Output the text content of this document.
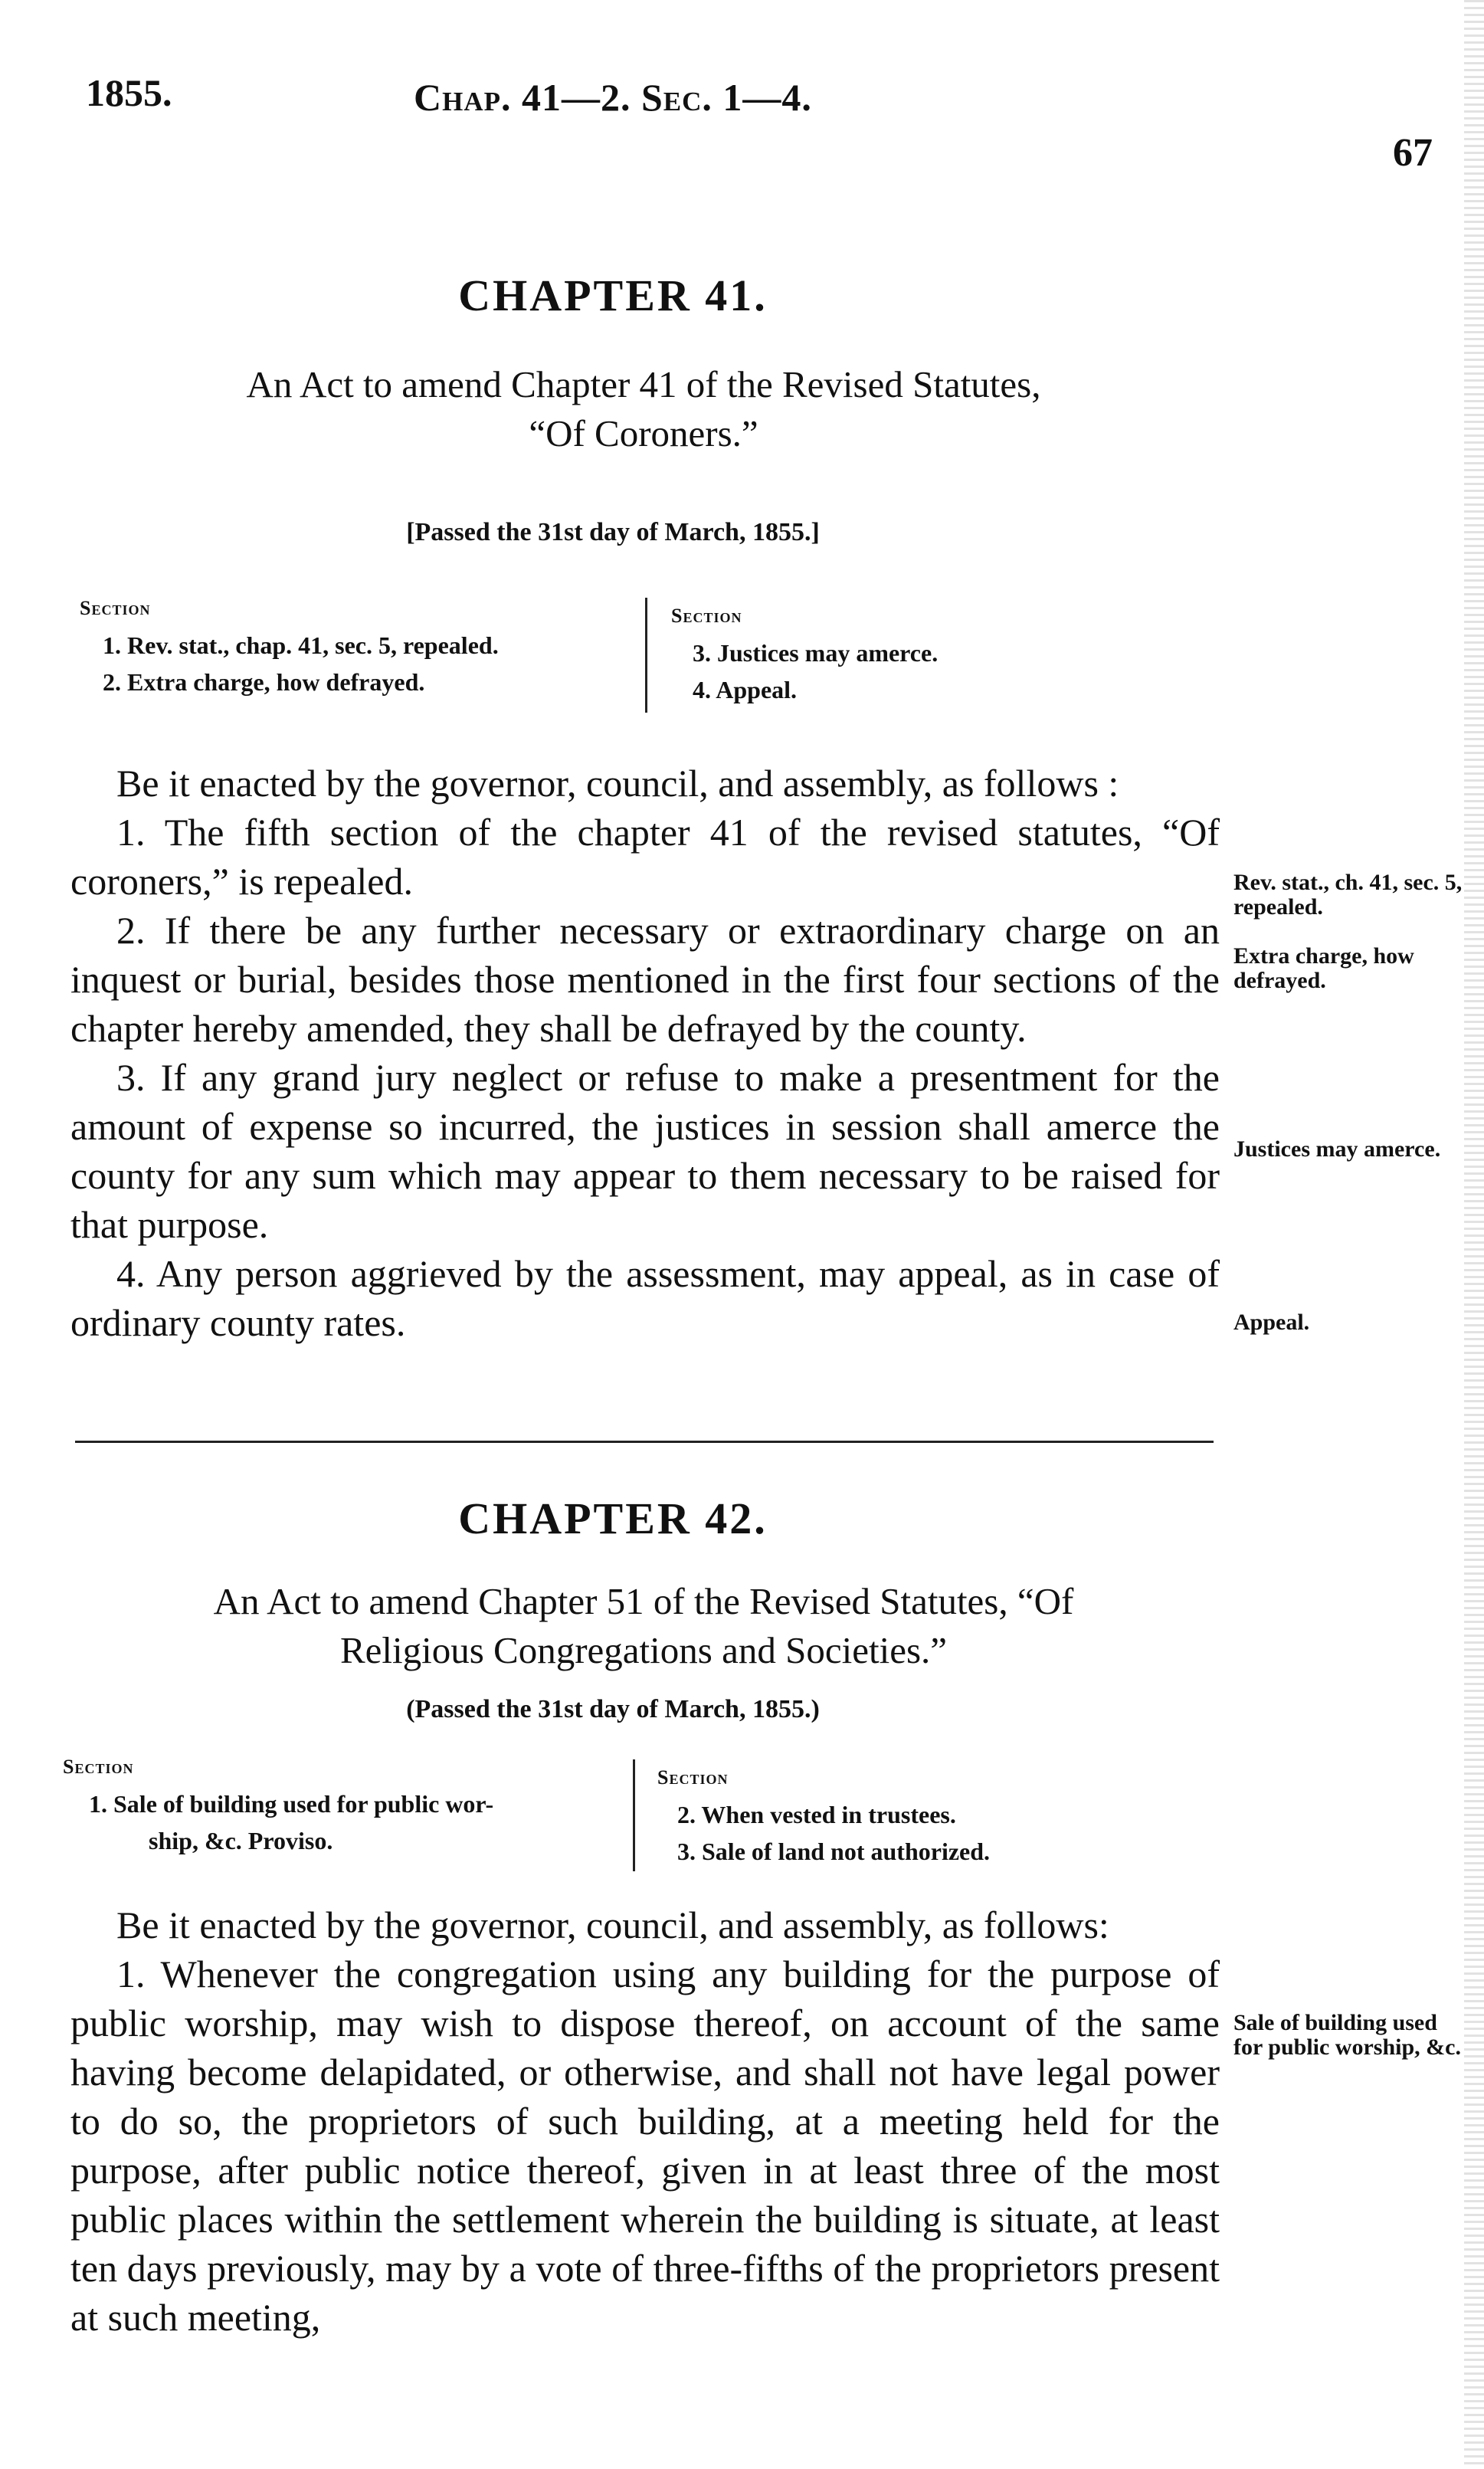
1855.	Chap. 41—2. Sec. 1—4.
67
CHAPTER 41.
An Act to amend Chapter 41 of the Revised Statutes,
“Of Coroners.”
[Passed the 31st day of March, 1855.]
Section
1. Rev. stat., chap. 41, sec. 5, repealed.
2. Extra charge, how defrayed.
Section
3. Justices may amerce.
4. Appeal.

Be it enacted by the governor, council, and assembly, as follows :

1. The fifth section of the chapter 41 of the revised statutes, “Of coroners,” is repealed.

2. If there be any further necessary or extraordinary charge on an inquest or burial, besides those mentioned in the first four sections of the chapter hereby amended, they shall be defrayed by the county.

3. If any grand jury neglect or refuse to make a presentment for the amount of expense so incurred, the justices in session shall amerce the county for any sum which may appear to them necessary to be raised for that purpose.

4. Any person aggrieved by the assessment, may appeal, as in case of ordinary county rates.

Rev. stat., ch. 41, sec. 5, repealed.
Extra charge, how defrayed.
Justices may amerce.
Appeal.
CHAPTER 42.
An Act to amend Chapter 51 of the Revised Statutes, “Of
Religious Congregations and Societies.”
(Passed the 31st day of March, 1855.)
Section
1. Sale of building used for public wor-
ship, &c. Proviso.
Section
2. When vested in trustees.
3. Sale of land not authorized.

Be it enacted by the governor, council, and assembly, as follows:

1. Whenever the congregation using any building for the purpose of public worship, may wish to dispose thereof, on account of the same having become delapidated, or otherwise, and shall not have legal power to do so, the proprietors of such building, at a meeting held for the purpose, after public notice thereof, given in at least three of the most public places within the settlement wherein the building is situate, at least ten days previously, may by a vote of three-fifths of the proprietors present at such meeting,

Sale of building used for public worship, &c.
